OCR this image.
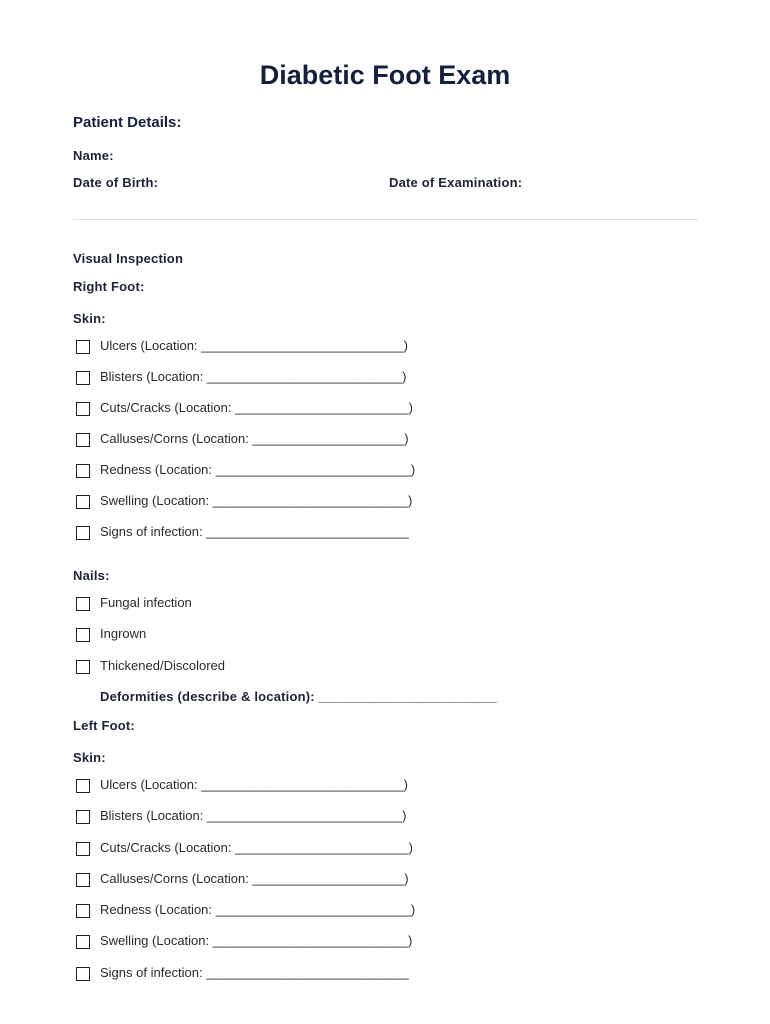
Diabetic Foot Exam
Patient Details:
Name:
Date of Birth:	Date of Examination:
Visual Inspection
Right Foot:
Skin:
Ulcers (Location: ____________________________)
Blisters (Location: ___________________________)
Cuts/Cracks (Location: ________________________)
Calluses/Corns (Location: _____________________)
Redness (Location: ___________________________)
Swelling (Location: ___________________________)
Signs of infection: ____________________________
Nails:
Fungal infection
Ingrown
Thickened/Discolored
Deformities (describe & location): ________________________
Left Foot:
Skin:
Ulcers (Location: ____________________________)
Blisters (Location: ___________________________)
Cuts/Cracks (Location: ________________________)
Calluses/Corns (Location: _____________________)
Redness (Location: ___________________________)
Swelling (Location: ___________________________)
Signs of infection: ____________________________
